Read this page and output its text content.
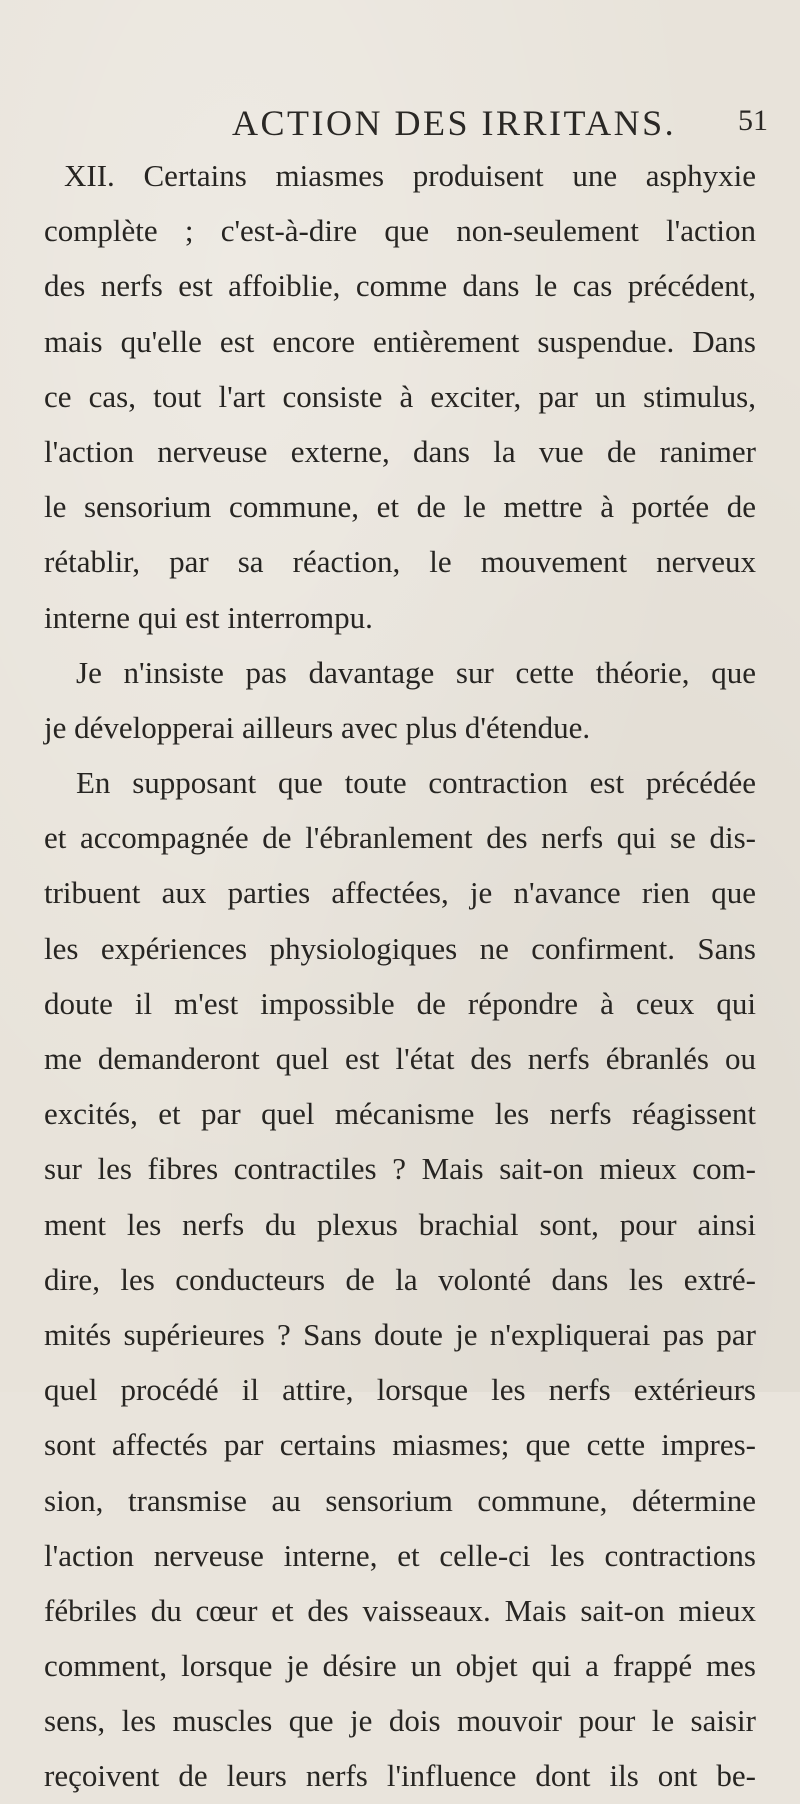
ACTION DES IRRITANS. 51
XII. Certains miasmes produisent une asphyxie
complète ; c'est-à-dire que non-seulement l'action
des nerfs est affoiblie, comme dans le cas précédent,
mais qu'elle est encore entièrement suspendue. Dans
ce cas, tout l'art consiste à exciter, par un stimulus,
l'action nerveuse externe, dans la vue de ranimer
le sensorium commune, et de le mettre à portée de
rétablir, par sa réaction, le mouvement nerveux
interne qui est interrompu.
Je n'insiste pas davantage sur cette théorie, que
je développerai ailleurs avec plus d'étendue.
En supposant que toute contraction est précédée
et accompagnée de l'ébranlement des nerfs qui se dis-
tribuent aux parties affectées, je n'avance rien que
les expériences physiologiques ne confirment. Sans
doute il m'est impossible de répondre à ceux qui
me demanderont quel est l'état des nerfs ébranlés ou
excités, et par quel mécanisme les nerfs réagissent
sur les fibres contractiles ? Mais sait-on mieux com-
ment les nerfs du plexus brachial sont, pour ainsi
dire, les conducteurs de la volonté dans les extré-
mités supérieures ? Sans doute je n'expliquerai pas par
quel procédé il attire, lorsque les nerfs extérieurs
sont affectés par certains miasmes; que cette impres-
sion, transmise au sensorium commune, détermine
l'action nerveuse interne, et celle-ci les contractions
fébriles du cœur et des vaisseaux. Mais sait-on mieux
comment, lorsque je désire un objet qui a frappé mes
sens, les muscles que je dois mouvoir pour le saisir
reçoivent de leurs nerfs l'influence dont ils ont be-
